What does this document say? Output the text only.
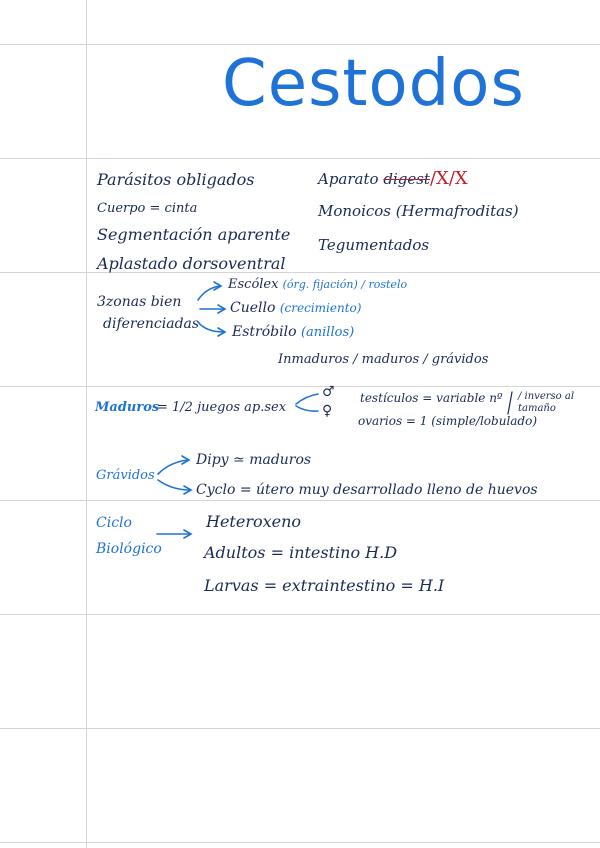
Cestodos
Parásitos obligados
Cuerpo = cinta
Segmentación aparente
Aplastado dorsoventral
Aparato digest/X/X
Monoicos (Hermafroditas)
Tegumentados
3zonas bien
diferenciadas
Escólex (órg. fijación) / rostelo
Cuello (crecimiento)
Estróbilo (anillos)
Inmaduros / maduros / grávidos
Maduros
= 1/2 juegos ap.sex
♂
♀
testículos = variable nº / inverso al tamaño
ovarios = 1 (simple/lobulado)
Grávidos
Dipy ≃ maduros
Cyclo = útero muy desarrollado lleno de huevos
Ciclo
Biológico
Heteroxeno
Adultos = intestino H.D
Larvas = extraintestino = H.I
